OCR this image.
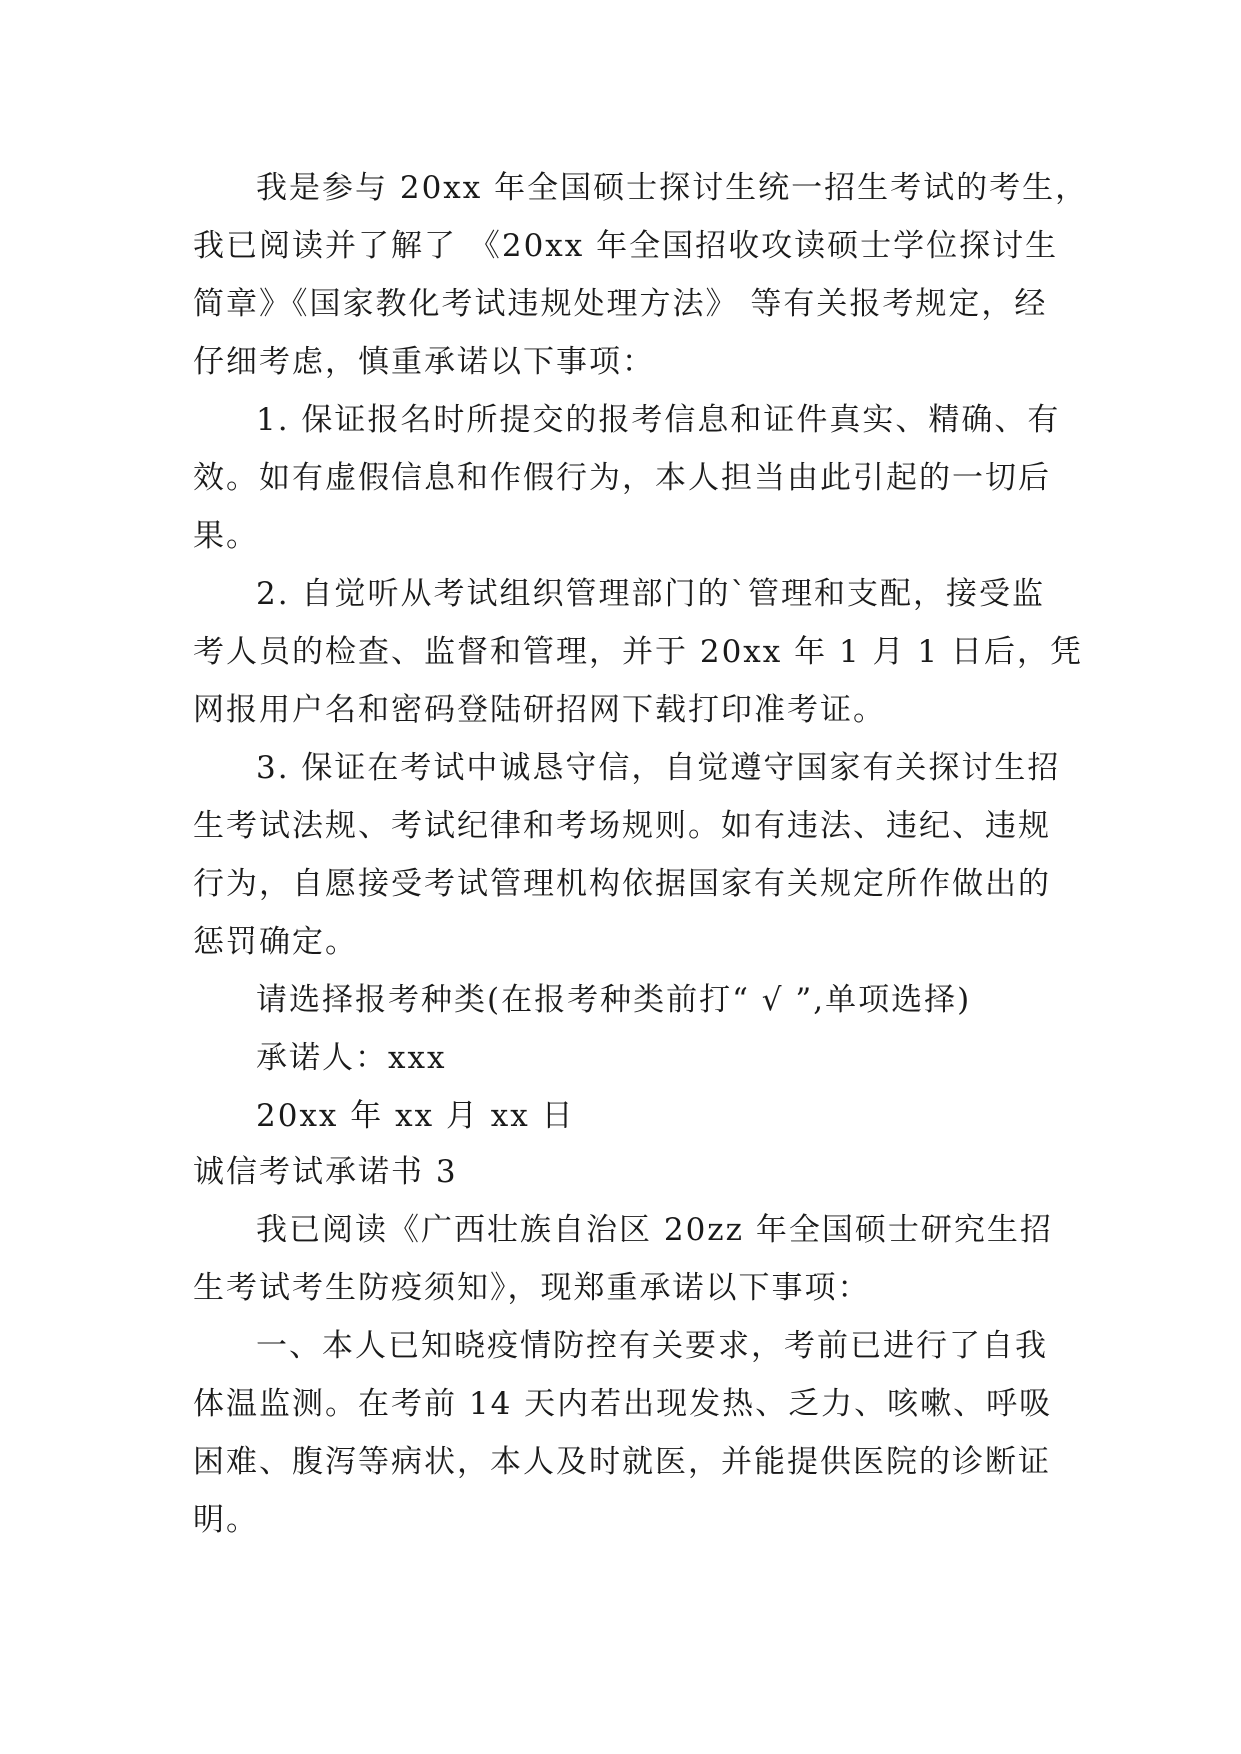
我是参与 20xx 年全国硕士探讨生统一招生考试的考生，
我已阅读并了解了 《20xx 年全国招收攻读硕士学位探讨生
简章》《国家教化考试违规处理方法》 等有关报考规定，经
仔细考虑，慎重承诺以下事项：
1. 保证报名时所提交的报考信息和证件真实、精确、有
效。如有虚假信息和作假行为，本人担当由此引起的一切后
果。
2. 自觉听从考试组织管理部门的`管理和支配，接受监
考人员的检查、监督和管理，并于 20xx 年 1 月 1 日后，凭
网报用户名和密码登陆研招网下载打印准考证。
3. 保证在考试中诚恳守信，自觉遵守国家有关探讨生招
生考试法规、考试纪律和考场规则。如有违法、违纪、违规
行为，自愿接受考试管理机构依据国家有关规定所作做出的
惩罚确定。
请选择报考种类(在报考种类前打“ √ ”,单项选择)
承诺人：xxx
20xx 年 xx 月 xx 日
诚信考试承诺书 3
我已阅读《广西壮族自治区 20zz 年全国硕士研究生招
生考试考生防疫须知》，现郑重承诺以下事项：
一、本人已知晓疫情防控有关要求，考前已进行了自我
体温监测。在考前 14 天内若出现发热、乏力、咳嗽、呼吸
困难、腹泻等病状，本人及时就医，并能提供医院的诊断证
明。
